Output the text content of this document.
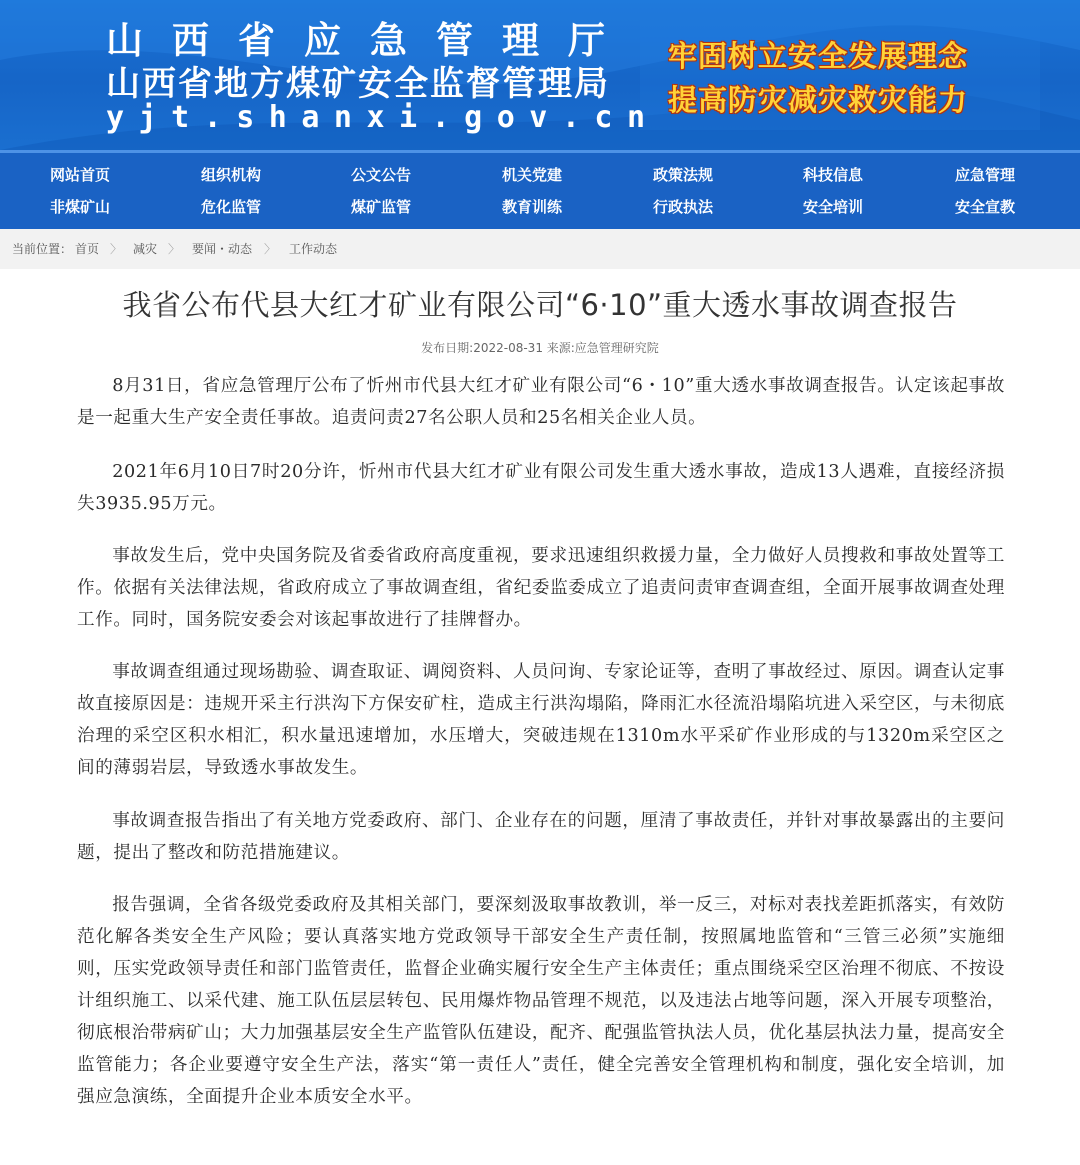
山西省应急管理厅
山西省地方煤矿安全监督管理局
yjt.shanxi.gov.cn
牢固树立安全发展理念
提高防灾减灾救灾能力
网站首页	组织机构	公文公告	机关党建	政策法规	科技信息	应急管理
非煤矿山	危化监管	煤矿监管	教育训练	行政执法	安全培训	安全宣教
当前位置： 首页 〉 减灾 〉 要闻・动态 〉 工作动态
我省公布代县大红才矿业有限公司“6·10”重大透水事故调查报告
发布日期:2022-08-31 来源:应急管理研究院

8月31日，省应急管理厅公布了忻州市代县大红才矿业有限公司“6・10”重大透水事故调查报告。认定该起事故是一起重大生产安全责任事故。追责问责27名公职人员和25名相关企业人员。

2021年6月10日7时20分许，忻州市代县大红才矿业有限公司发生重大透水事故，造成13人遇难，直接经济损失3935.95万元。

事故发生后，党中央国务院及省委省政府高度重视，要求迅速组织救援力量，全力做好人员搜救和事故处置等工作。依据有关法律法规，省政府成立了事故调查组，省纪委监委成立了追责问责审查调查组，全面开展事故调查处理工作。同时，国务院安委会对该起事故进行了挂牌督办。

事故调查组通过现场勘验、调查取证、调阅资料、人员问询、专家论证等，查明了事故经过、原因。调查认定事故直接原因是：违规开采主行洪沟下方保安矿柱，造成主行洪沟塌陷，降雨汇水径流沿塌陷坑进入采空区，与未彻底治理的采空区积水相汇，积水量迅速增加，水压增大，突破违规在1310m水平采矿作业形成的与1320m采空区之间的薄弱岩层，导致透水事故发生。

事故调查报告指出了有关地方党委政府、部门、企业存在的问题，厘清了事故责任，并针对事故暴露出的主要问题，提出了整改和防范措施建议。

报告强调，全省各级党委政府及其相关部门，要深刻汲取事故教训，举一反三，对标对表找差距抓落实，有效防范化解各类安全生产风险；要认真落实地方党政领导干部安全生产责任制，按照属地监管和“三管三必须”实施细则，压实党政领导责任和部门监管责任，监督企业确实履行安全生产主体责任；重点围绕采空区治理不彻底、不按设计组织施工、以采代建、施工队伍层层转包、民用爆炸物品管理不规范，以及违法占地等问题，深入开展专项整治，彻底根治带病矿山；大力加强基层安全生产监管队伍建设，配齐、配强监管执法人员，优化基层执法力量，提高安全监管能力；各企业要遵守安全生产法，落实“第一责任人”责任，健全完善安全管理机构和制度，强化安全培训，加强应急演练，全面提升企业本质安全水平。
